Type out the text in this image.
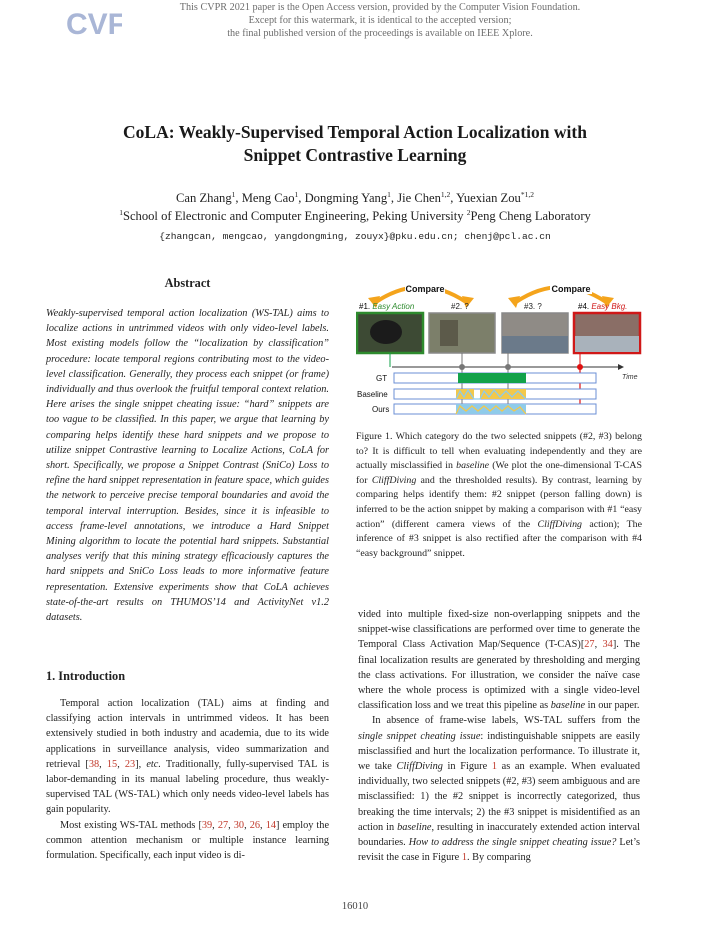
CVF
This CVPR 2021 paper is the Open Access version, provided by the Computer Vision Foundation.
Except for this watermark, it is identical to the accepted version;
the final published version of the proceedings is available on IEEE Xplore.
CoLA: Weakly-Supervised Temporal Action Localization with
Snippet Contrastive Learning
Can Zhang$^1$, Meng Cao$^1$, Dongming Yang$^1$, Jie Chen$^{1,2}$, Yuexian Zou$^{*1,2}$
$^1$School of Electronic and Computer Engineering, Peking University $^2$Peng Cheng Laboratory
{zhangcan, mengcao, yangdongming, zouyx}@pku.edu.cn; chenj@pcl.ac.cn
Abstract
Weakly-supervised temporal action localization (WS-TAL) aims to localize actions in untrimmed videos with only video-level labels. Most existing models follow the “localization by classification” procedure: locate temporal regions contributing most to the video-level classification. Generally, they process each snippet (or frame) individually and thus overlook the fruitful temporal context relation. Here arises the single snippet cheating issue: “hard” snippets are too vague to be classified. In this paper, we argue that learning by comparing helps identify these hard snippets and we propose to utilize snippet Contrastive learning to Localize Actions, CoLA for short. Specifically, we propose a Snippet Contrast (SniCo) Loss to refine the hard snippet representation in feature space, which guides the network to perceive precise temporal boundaries and avoid the temporal interval interruption. Besides, since it is infeasible to access frame-level annotations, we introduce a Hard Snippet Mining algorithm to locate the potential hard snippets. Substantial analyses verify that this mining strategy efficaciously captures the hard snippets and SniCo Loss leads to more informative feature representation. Extensive experiments show that CoLA achieves state-of-the-art results on THUMOS’14 and ActivityNet v1.2 datasets.
1. Introduction

Temporal action localization (TAL) aims at finding and classifying action intervals in untrimmed videos. It has been extensively studied in both industry and academia, due to its wide applications in surveillance analysis, video summarization and retrieval [38, 15, 23], etc. Traditionally, fully-supervised TAL is labor-demanding in its manual labeling procedure, thus weakly-supervised TAL (WS-TAL) which only needs video-level labels has gain popularity.

Most existing WS-TAL methods [39, 27, 30, 26, 14] employ the common attention mechanism or multiple instance learning formulation. Specifically, each input video is di-

Compare	Compare
#1. Easy Action	#2. ?	#3. ?	#4. Easy Bkg.
Time
GT
Baseline
Ours
Figure 1. Which category do the two selected snippets (#2, #3) belong to? It is difficult to tell when evaluating independently and they are actually misclassified in baseline (We plot the one-dimensional T-CAS for CliffDiving and the thresholded results). By contrast, learning by comparing helps identify them: #2 snippet (person falling down) is inferred to be the action snippet by making a comparison with #1 “easy action” (different camera views of the CliffDiving action); The inference of #3 snippet is also rectified after the comparison with #4 “easy background” snippet.

vided into multiple fixed-size non-overlapping snippets and the snippet-wise classifications are performed over time to generate the Temporal Class Activation Map/Sequence (T-CAS)[27, 34]. The final localization results are generated by thresholding and merging the class activations. For illustration, we consider the naïve case where the whole process is optimized with a single video-level classification loss and we treat this pipeline as baseline in our paper.

In absence of frame-wise labels, WS-TAL suffers from the single snippet cheating issue: indistinguishable snippets are easily misclassified and hurt the localization performance. To illustrate it, we take CliffDiving in Figure 1 as an example. When evaluated individually, two selected snippets (#2, #3) seem ambiguous and are misclassified: 1) the #2 snippet is incorrectly categorized, thus breaking the time intervals; 2) the #3 snippet is misidentified as an action in baseline, resulting in inaccurately extended action interval boundaries. How to address the single snippet cheating issue? Let’s revisit the case in Figure 1. By comparing

16010
